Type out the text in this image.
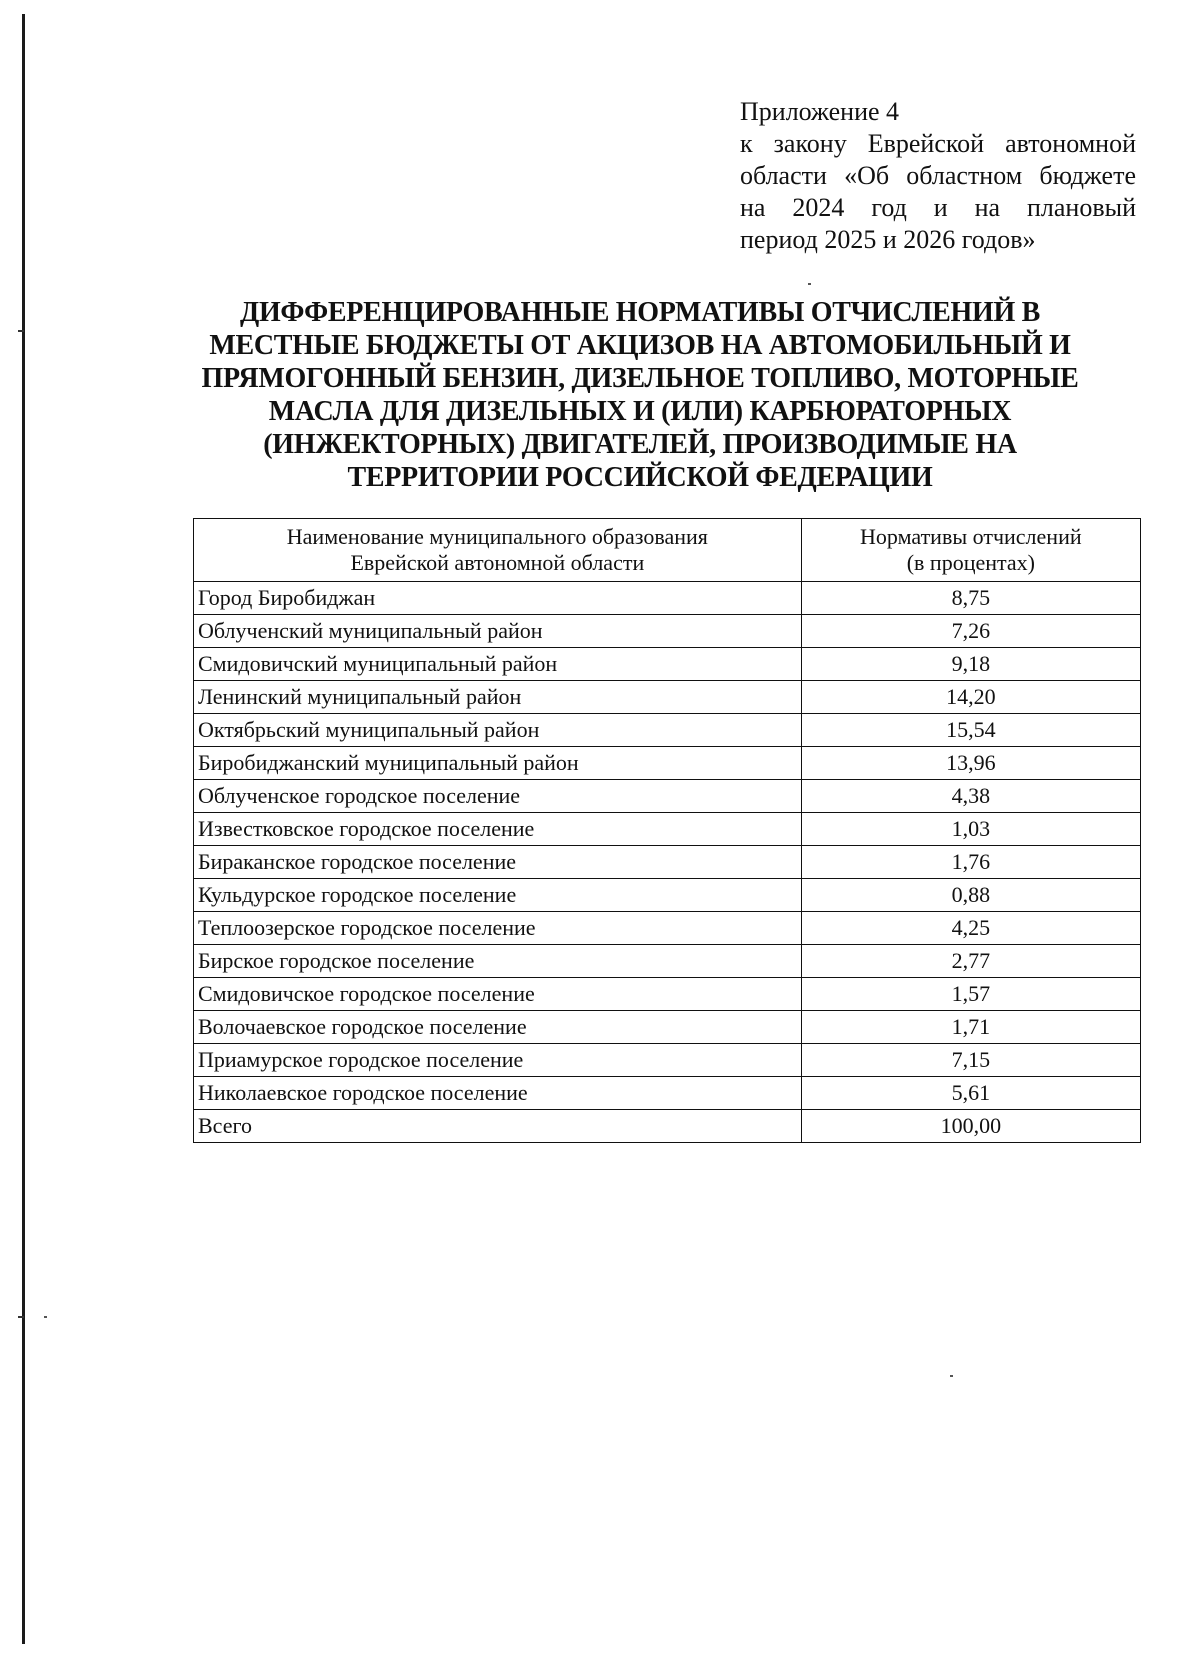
Приложение 4
к закону Еврейской автономной
области «Об областном бюджете
на 2024 год и на плановый
период 2025 и 2026 годов»
ДИФФЕРЕНЦИРОВАННЫЕ НОРМАТИВЫ ОТЧИСЛЕНИЙ В
МЕСТНЫЕ БЮДЖЕТЫ ОТ АКЦИЗОВ НА АВТОМОБИЛЬНЫЙ И
ПРЯМОГОННЫЙ БЕНЗИН, ДИЗЕЛЬНОЕ ТОПЛИВО, МОТОРНЫЕ
МАСЛА ДЛЯ ДИЗЕЛЬНЫХ И (ИЛИ) КАРБЮРАТОРНЫХ
(ИНЖЕКТОРНЫХ) ДВИГАТЕЛЕЙ, ПРОИЗВОДИМЫЕ НА
ТЕРРИТОРИИ РОССИЙСКОЙ ФЕДЕРАЦИИ
Наименование муниципального образования
Еврейской автономной области	Нормативы отчислений
(в процентах)

Город Биробиджан	8,75
Облученский муниципальный район	7,26
Смидовичский муниципальный район	9,18
Ленинский муниципальный район	14,20
Октябрьский муниципальный район	15,54
Биробиджанский муниципальный район	13,96
Облученское городское поселение	4,38
Известковское городское поселение	1,03
Бираканское городское поселение	1,76
Кульдурское городское поселение	0,88
Теплоозерское городское поселение	4,25
Бирское городское поселение	2,77
Смидовичское городское поселение	1,57
Волочаевское городское поселение	1,71
Приамурское городское поселение	7,15
Николаевское городское поселение	5,61
Всего	100,00
